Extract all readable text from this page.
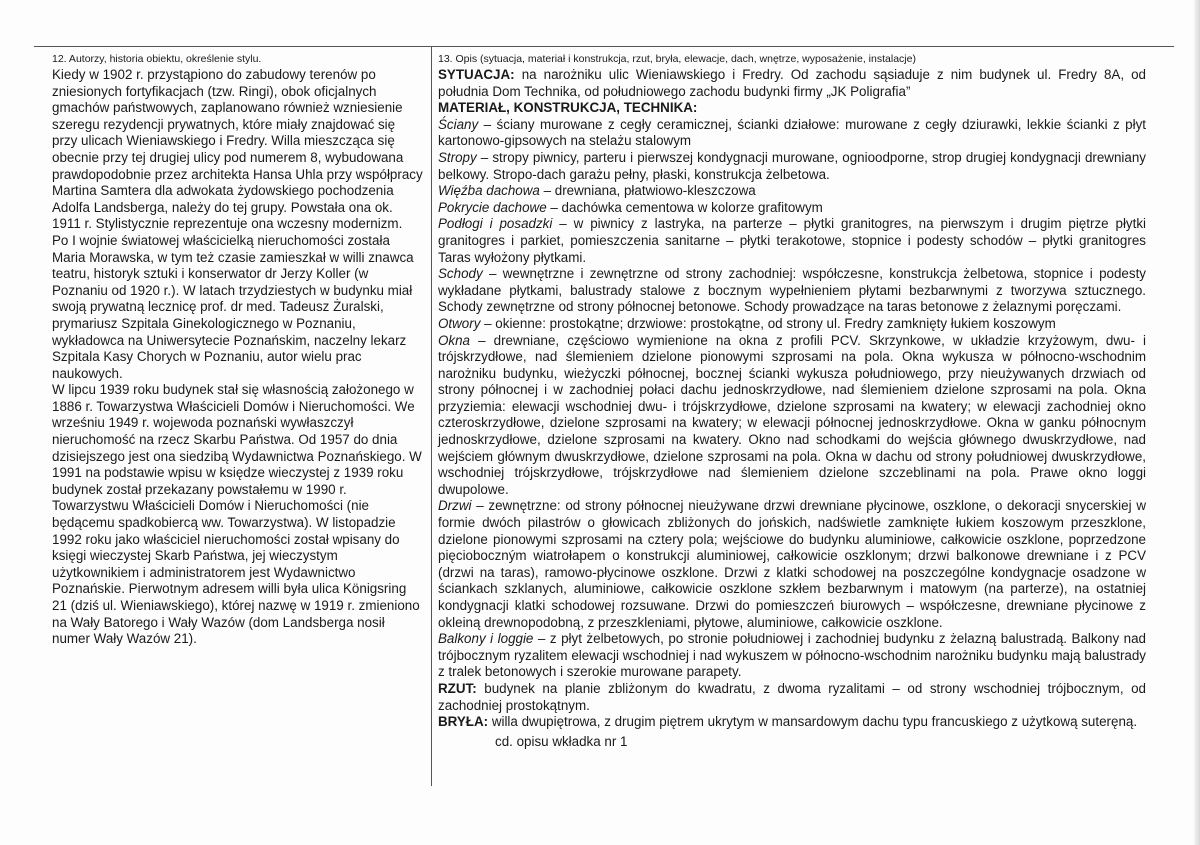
12. Autorzy, historia obiektu, określenie stylu.

Kiedy w 1902 r. przystąpiono do zabudowy terenów po zniesionych fortyfikacjach (tzw. Ringi), obok oficjalnych gmachów państwowych, zaplanowano również wzniesienie szeregu rezydencji prywatnych, które miały znajdować się przy ulicach Wieniawskiego i Fredry. Willa mieszcząca się obecnie przy tej drugiej ulicy pod numerem 8, wybudowana prawdopodobnie przez architekta Hansa Uhla przy współpracy Martina Samtera dla adwokata żydowskiego pochodzenia Adolfa Landsberga, należy do tej grupy. Powstała ona ok. 1911 r. Stylistycznie reprezentuje ona wczesny modernizm.

Po I wojnie światowej właścicielką nieruchomości została Maria Morawska, w tym też czasie zamieszkał w willi znawca teatru, historyk sztuki i konserwator dr Jerzy Koller (w Poznaniu od 1920 r.). W latach trzydziestych w budynku miał swoją prywatną lecznicę prof. dr med. Tadeusz Żuralski, prymariusz Szpitala Ginekologicznego w Poznaniu, wykładowca na Uniwersytecie Poznańskim, naczelny lekarz Szpitala Kasy Chorych w Poznaniu, autor wielu prac naukowych.

W lipcu 1939 roku budynek stał się własnością założonego w 1886 r. Towarzystwa Właścicieli Domów i Nieruchomości. We wrześniu 1949 r. wojewoda poznański wywłaszczył nieruchomość na rzecz Skarbu Państwa. Od 1957 do dnia dzisiejszego jest ona siedzibą Wydawnictwa Poznańskiego. W 1991 na podstawie wpisu w księdze wieczystej z 1939 roku budynek został przekazany powstałemu w 1990 r. Towarzystwu Właścicieli Domów i Nieruchomości (nie będącemu spadkobiercą ww. Towarzystwa). W listopadzie 1992 roku jako właściciel nieruchomości został wpisany do księgi wieczystej Skarb Państwa, jej wieczystym użytkownikiem i administratorem jest Wydawnictwo Poznańskie. Pierwotnym adresem willi była ulica Königsring 21 (dziś ul. Wieniawskiego), której nazwę w 1919 r. zmieniono na Wały Batorego i Wały Wazów (dom Landsberga nosił numer Wały Wazów 21).

13. Opis (sytuacja, materiał i konstrukcja, rzut, bryła, elewacje, dach, wnętrze, wyposażenie, instalacje)

SYTUACJA: na narożniku ulic Wieniawskiego i Fredry. Od zachodu sąsiaduje z nim budynek ul. Fredry 8A, od południa Dom Technika, od południowego zachodu budynki firmy „JK Poligrafia”

MATERIAŁ, KONSTRUKCJA, TECHNIKA:

Ściany – ściany murowane z cegły ceramicznej, ścianki działowe: murowane z cegły dziurawki, lekkie ścianki z płyt kartonowo-gipsowych na stelażu stalowym

Stropy – stropy piwnicy, parteru i pierwszej kondygnacji murowane, ognioodporne, strop drugiej kondygnacji drewniany belkowy. Stropo-dach garażu pełny, płaski, konstrukcja żelbetowa.

Więźba dachowa – drewniana, płatwiowo-kleszczowa

Pokrycie dachowe – dachówka cementowa w kolorze grafitowym

Podłogi i posadzki – w piwnicy z lastryka, na parterze – płytki granitogres, na pierwszym i drugim piętrze płytki granitogres i parkiet, pomieszczenia sanitarne – płytki terakotowe, stopnice i podesty schodów – płytki granitogres Taras wyłożony płytkami.

Schody – wewnętrzne i zewnętrzne od strony zachodniej: współczesne, konstrukcja żelbetowa, stopnice i podesty wykładane płytkami, balustrady stalowe z bocznym wypełnieniem płytami bezbarwnymi z tworzywa sztucznego. Schody zewnętrzne od strony północnej betonowe. Schody prowadzące na taras betonowe z żelaznymi poręczami.

Otwory – okienne: prostokątne; drzwiowe: prostokątne, od strony ul. Fredry zamknięty łukiem koszowym

Okna – drewniane, częściowo wymienione na okna z profili PCV. Skrzynkowe, w układzie krzyżowym, dwu- i trójskrzydłowe, nad ślemieniem dzielone pionowymi szprosami na pola. Okna wykusza w północno-wschodnim narożniku budynku, wieżyczki północnej, bocznej ścianki wykusza południowego, przy nieużywanych drzwiach od strony północnej i w zachodniej połaci dachu jednoskrzydłowe, nad ślemieniem dzielone szprosami na pola. Okna przyziemia: elewacji wschodniej dwu- i trójskrzydłowe, dzielone szprosami na kwatery; w elewacji zachodniej okno czteroskrzydłowe, dzielone szprosami na kwatery; w elewacji północnej jednoskrzydłowe. Okna w ganku północnym jednoskrzydłowe, dzielone szprosami na kwatery. Okno nad schodkami do wejścia głównego dwuskrzydłowe, nad wejściem głównym dwuskrzydłowe, dzielone szprosami na pola. Okna w dachu od strony południowej dwuskrzydłowe, wschodniej trójskrzydłowe, trójskrzydłowe nad ślemieniem dzielone szczeblinami na pola. Prawe okno loggi dwupolowe.

Drzwi – zewnętrzne: od strony północnej nieużywane drzwi drewniane płycinowe, oszklone, o dekoracji snycerskiej w formie dwóch pilastrów o głowicach zbliżonych do jońskich, nadświetle zamknięte łukiem koszowym przeszklone, dzielone pionowymi szprosami na cztery pola; wejściowe do budynku aluminiowe, całkowicie oszklone, poprzedzone pięcioboczným wiatrołapem o konstrukcji aluminiowej, całkowicie oszklonym; drzwi balkonowe drewniane i z PCV (drzwi na taras), ramowo-płycinowe oszklone. Drzwi z klatki schodowej na poszczególne kondygnacje osadzone w ściankach szklanych, aluminiowe, całkowicie oszklone szkłem bezbarwnym i matowym (na parterze), na ostatniej kondygnacji klatki schodowej rozsuwane. Drzwi do pomieszczeń biurowych – współczesne, drewniane płycinowe z okleiną drewnopodobną, z przeszkleniami, płytowe, aluminiowe, całkowicie oszklone.

Balkony i loggie – z płyt żelbetowych, po stronie południowej i zachodniej budynku z żelazną balustradą. Balkony nad trójbocznym ryzalitem elewacji wschodniej i nad wykuszem w północno-wschodnim narożniku budynku mają balustrady z tralek betonowych i szerokie murowane parapety.

RZUT: budynek na planie zbliżonym do kwadratu, z dwoma ryzalitami – od strony wschodniej trójbocznym, od zachodniej prostokątnym.

BRYŁA: willa dwupiętrowa, z drugim piętrem ukrytym w mansardowym dachu typu francuskiego z użytkową suteręną.

cd. opisu wkładka nr 1
